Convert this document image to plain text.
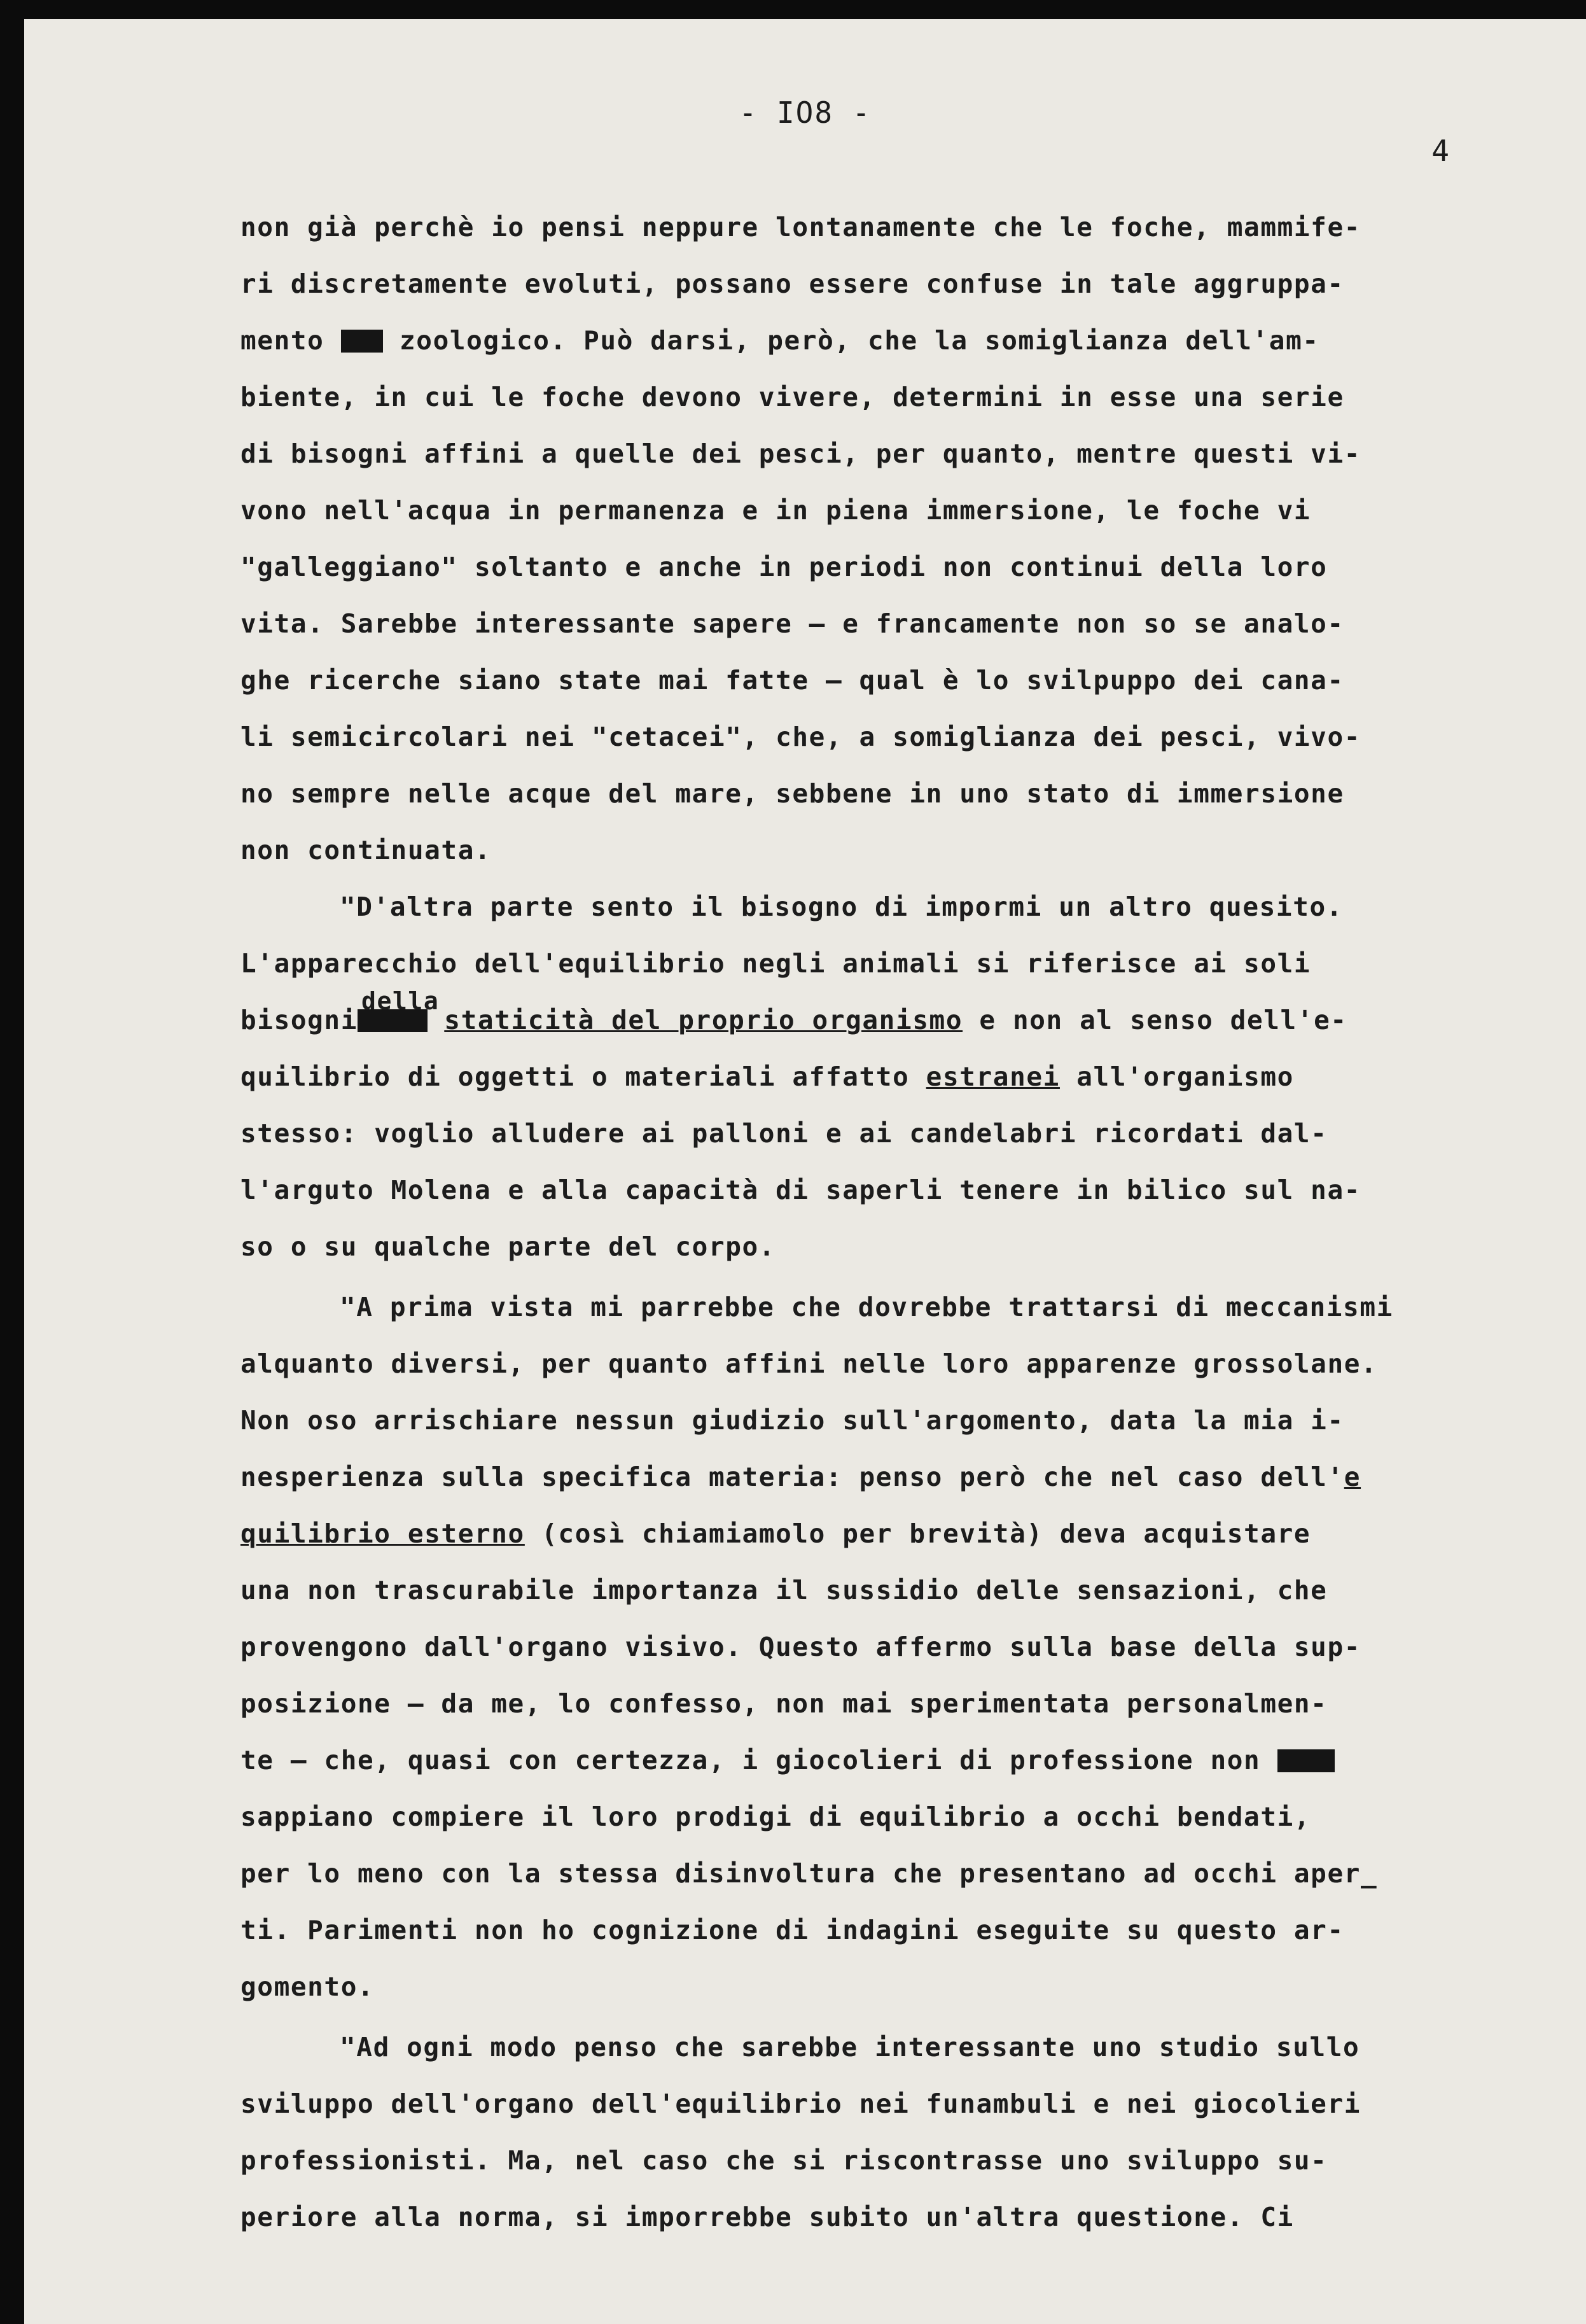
- IO8 -
4
non già perchè io pensi neppure lontanamente che le foche, mammife-
ri discretamente evoluti, possano essere confuse in tale aggruppa-
mento	zoologico. Può darsi, però, che la somiglianza dell'am-
biente, in cui le foche devono vivere, determini in esse una serie
di bisogni affini a quelle dei pesci, per quanto, mentre questi vi-
vono nell'acqua in permanenza e in piena immersione, le foche vi
"galleggiano" soltanto e anche in periodi non continui della loro
vita. Sarebbe interessante sapere — e francamente non so se analo-
ghe ricerche siano state mai fatte — qual è lo svilpuppo dei cana-
li semicircolari nei "cetacei", che, a somiglianza dei pesci, vivo-
no sempre nelle acque del mare, sebbene in uno stato di immersione
non continuata.
"D'altra parte sento il bisogno di impormi un altro quesito.
L'apparecchio dell'equilibrio negli animali si riferisce ai soli
della
bisogni	staticità del proprio organismo e non al senso dell'e-
quilibrio di oggetti o materiali affatto estranei all'organismo
stesso: voglio alludere ai palloni e ai candelabri ricordati dal-
l'arguto Molena e alla capacità di saperli tenere in bilico sul na-
so o su qualche parte del corpo.
"A prima vista mi parrebbe che dovrebbe trattarsi di meccanismi
alquanto diversi, per quanto affini nelle loro apparenze grossolane.
Non oso arrischiare nessun giudizio sull'argomento, data la mia i-
nesperienza sulla specifica materia: penso però che nel caso dell'e
quilibrio esterno (così chiamiamolo per brevità) deva acquistare
una non trascurabile importanza il sussidio delle sensazioni, che
provengono dall'organo visivo. Questo affermo sulla base della sup-
posizione — da me, lo confesso, non mai sperimentata personalmen-
te — che, quasi con certezza, i giocolieri di professione non
sappiano compiere il loro prodigi di equilibrio a occhi bendati,
per lo meno con la stessa disinvoltura che presentano ad occhi aper_
ti. Parimenti non ho cognizione di indagini eseguite su questo ar-
gomento.
"Ad ogni modo penso che sarebbe interessante uno studio sullo
sviluppo dell'organo dell'equilibrio nei funambuli e nei giocolieri
professionisti. Ma, nel caso che si riscontrasse uno sviluppo su-
periore alla norma, si imporrebbe subito un'altra questione. Ci
